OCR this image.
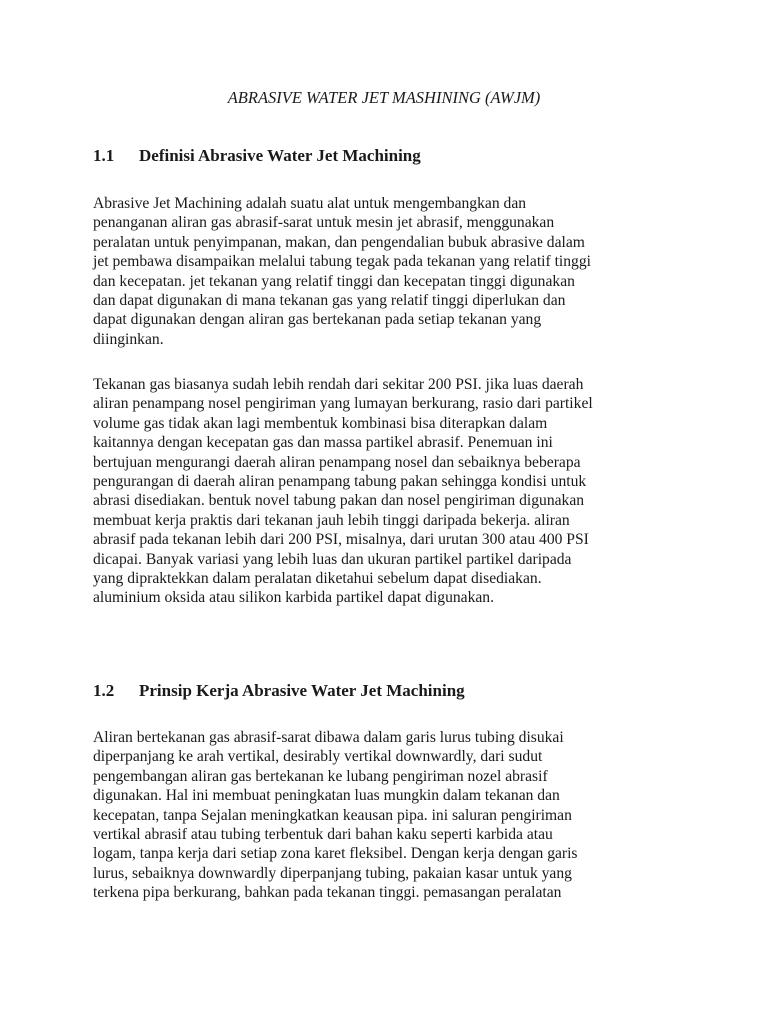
ABRASIVE WATER JET MASHINING (AWJM)
1.1 Definisi Abrasive Water Jet Machining

Abrasive Jet Machining adalah suatu alat untuk mengembangkan dan
penanganan aliran gas abrasif-sarat untuk mesin jet abrasif, menggunakan
peralatan untuk penyimpanan, makan, dan pengendalian bubuk abrasive dalam
jet pembawa disampaikan melalui tabung tegak pada tekanan yang relatif tinggi
dan kecepatan. jet tekanan yang relatif tinggi dan kecepatan tinggi digunakan
dan dapat digunakan di mana tekanan gas yang relatif tinggi diperlukan dan
dapat digunakan dengan aliran gas bertekanan pada setiap tekanan yang
diinginkan.

Tekanan gas biasanya sudah lebih rendah dari sekitar 200 PSI. jika luas daerah
aliran penampang nosel pengiriman yang lumayan berkurang, rasio dari partikel
volume gas tidak akan lagi membentuk kombinasi bisa diterapkan dalam
kaitannya dengan kecepatan gas dan massa partikel abrasif. Penemuan ini
bertujuan mengurangi daerah aliran penampang nosel dan sebaiknya beberapa
pengurangan di daerah aliran penampang tabung pakan sehingga kondisi untuk
abrasi disediakan. bentuk novel tabung pakan dan nosel pengiriman digunakan
membuat kerja praktis dari tekanan jauh lebih tinggi daripada bekerja. aliran
abrasif pada tekanan lebih dari 200 PSI, misalnya, dari urutan 300 atau 400 PSI
dicapai. Banyak variasi yang lebih luas dan ukuran partikel partikel daripada
yang dipraktekkan dalam peralatan diketahui sebelum dapat disediakan.
aluminium oksida atau silikon karbida partikel dapat digunakan.

1.2 Prinsip Kerja Abrasive Water Jet Machining

Aliran bertekanan gas abrasif-sarat dibawa dalam garis lurus tubing disukai
diperpanjang ke arah vertikal, desirably vertikal downwardly, dari sudut
pengembangan aliran gas bertekanan ke lubang pengiriman nozel abrasif
digunakan. Hal ini membuat peningkatan luas mungkin dalam tekanan dan
kecepatan, tanpa Sejalan meningkatkan keausan pipa. ini saluran pengiriman
vertikal abrasif atau tubing terbentuk dari bahan kaku seperti karbida atau
logam, tanpa kerja dari setiap zona karet fleksibel. Dengan kerja dengan garis
lurus, sebaiknya downwardly diperpanjang tubing, pakaian kasar untuk yang
terkena pipa berkurang, bahkan pada tekanan tinggi. pemasangan peralatan
